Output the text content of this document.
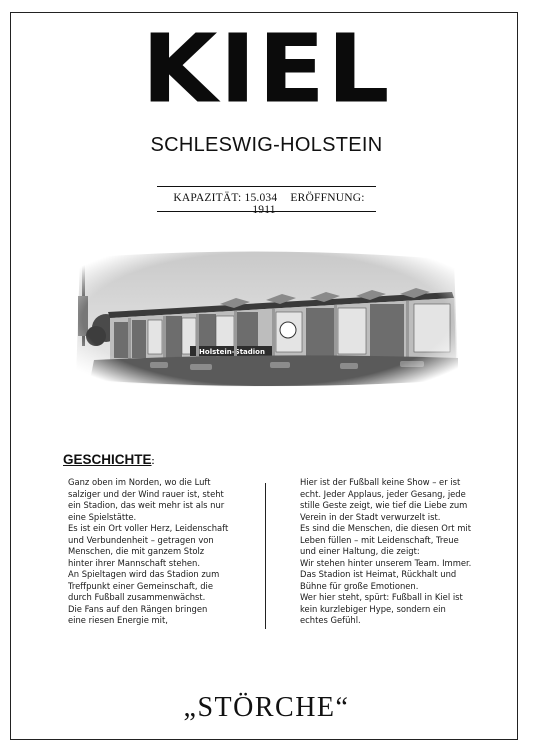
KIEL
SCHLESWIG-HOLSTEIN
KAPAZITÄT: 15.034 ERÖFFNUNG: 1911
GESCHICHTE:

Ganz oben im Norden, wo die Luft

salziger und der Wind rauer ist, steht

ein Stadion, das weit mehr ist als nur

eine Spielstätte.

Es ist ein Ort voller Herz, Leidenschaft

und Verbundenheit – getragen von

Menschen, die mit ganzem Stolz

hinter ihrer Mannschaft stehen.

An Spieltagen wird das Stadion zum

Treffpunkt einer Gemeinschaft, die

durch Fußball zusammenwächst.

Die Fans auf den Rängen bringen

eine riesen Energie mit,

Hier ist der Fußball keine Show – er ist

echt. Jeder Applaus, jeder Gesang, jede

stille Geste zeigt, wie tief die Liebe zum

Verein in der Stadt verwurzelt ist.

Es sind die Menschen, die diesen Ort mit

Leben füllen – mit Leidenschaft, Treue

und einer Haltung, die zeigt:

Wir stehen hinter unserem Team. Immer.

Das Stadion ist Heimat, Rückhalt und

Bühne für große Emotionen.

Wer hier steht, spürt: Fußball in Kiel ist

kein kurzlebiger Hype, sondern ein

echtes Gefühl.

„STÖRCHE“
